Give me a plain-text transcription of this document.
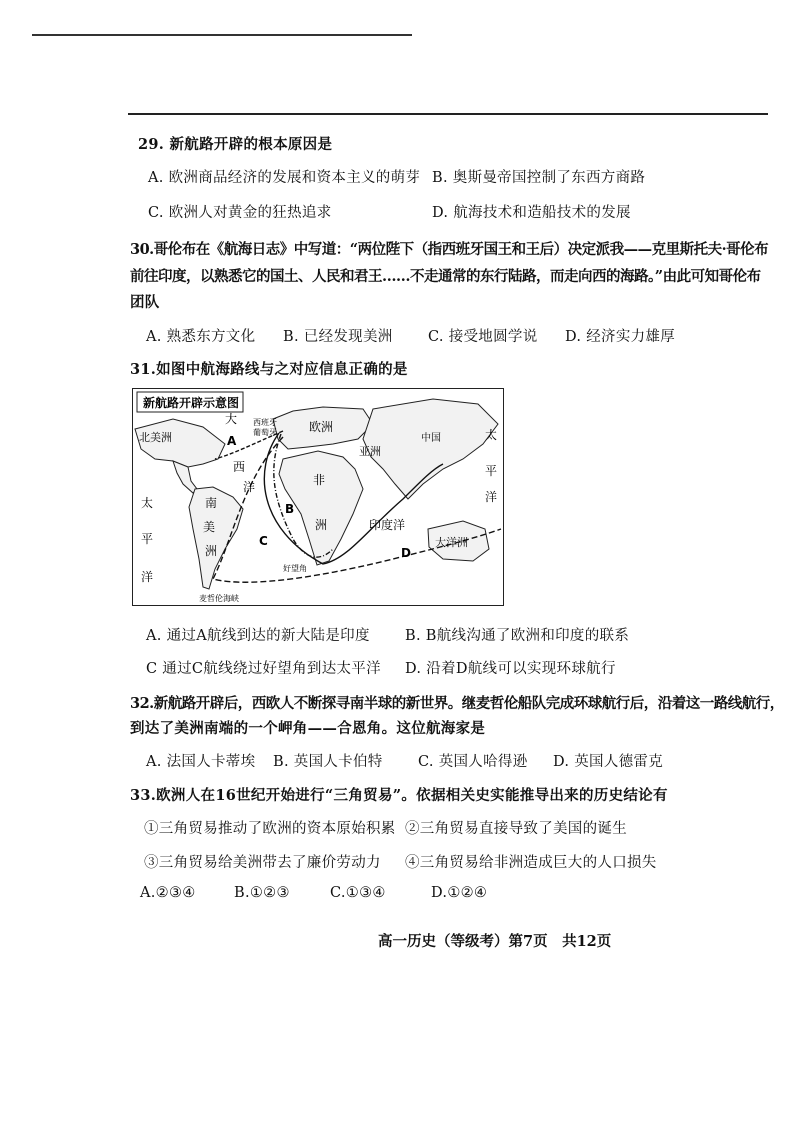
29. 新航路开辟的根本原因是
A. 欧洲商品经济的发展和资本主义的萌芽 B. 奥斯曼帝国控制了东西方商路
C. 欧洲人对黄金的狂热追求	D. 航海技术和造船技术的发展
30.哥伦布在《航海日志》中写道：“两位陛下（指西班牙国王和王后）决定派我——克里斯托夫·哥伦布
前往印度，以熟悉它的国土、人民和君王……不走通常的东行陆路，而走向西的海路。”由此可知哥伦布
团队
A. 熟悉东方文化 B. 已经发现美洲 C. 接受地圆学说 D. 经济实力雄厚
31.如图中航海路线与之对应信息正确的是
新航路开辟示意图
大
西
洋
欧洲
北美洲
南
美
洲
太
平
洋
非
洲
亚洲
中国
印度洋
大洋洲
太
平
洋
A
B
C
D
西班牙
葡萄牙
好望角
麦哲伦海峡
A. 通过A航线到达的新大陆是印度 B. B航线沟通了欧洲和印度的联系
C 通过C航线绕过好望角到达太平洋 D. 沿着D航线可以实现环球航行
32.新航路开辟后，西欧人不断探寻南半球的新世界。继麦哲伦船队完成环球航行后，沿着这一路线航行，
到达了美洲南端的一个岬角——合恩角。这位航海家是
A. 法国人卡蒂埃 B. 英国人卡伯特 C. 英国人哈得逊 D. 英国人德雷克
33.欧洲人在16世纪开始进行“三角贸易”。依据相关史实能推导出来的历史结论有
①三角贸易推动了欧洲的资本原始积累 ②三角贸易直接导致了美国的诞生
③三角贸易给美洲带去了廉价劳动力 ④三角贸易给非洲造成巨大的人口损失
A.②③④	B.①②③	C.①③④	D.①②④
高一历史（等级考）第7页　共12页
